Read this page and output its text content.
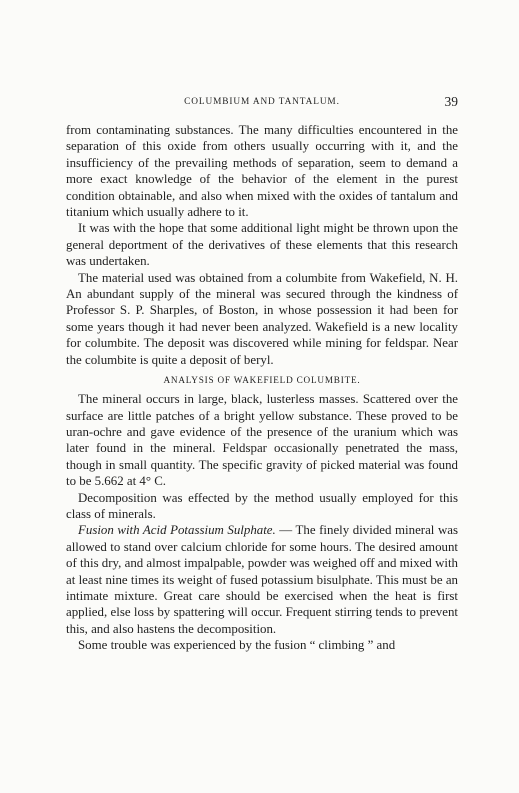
COLUMBIUM AND TANTALUM.	39

from contaminating substances. The many difficulties encountered in the separation of this oxide from others usually occurring with it, and the insufficiency of the prevailing methods of separation, seem to demand a more exact knowledge of the behavior of the element in the purest condition obtainable, and also when mixed with the oxides of tantalum and titanium which usually adhere to it.

It was with the hope that some additional light might be thrown upon the general deportment of the derivatives of these elements that this research was undertaken.

The material used was obtained from a columbite from Wakefield, N. H. An abundant supply of the mineral was secured through the kindness of Professor S. P. Sharples, of Boston, in whose possession it had been for some years though it had never been analyzed. Wakefield is a new locality for columbite. The deposit was discovered while mining for feldspar. Near the columbite is quite a deposit of beryl.

ANALYSIS OF WAKEFIELD COLUMBITE.

The mineral occurs in large, black, lusterless masses. Scattered over the surface are little patches of a bright yellow substance. These proved to be uran-ochre and gave evidence of the presence of the uranium which was later found in the mineral. Feldspar occasionally penetrated the mass, though in small quantity. The specific gravity of picked material was found to be 5.662 at 4° C.

Decomposition was effected by the method usually employed for this class of minerals.

Fusion with Acid Potassium Sulphate. — The finely divided mineral was allowed to stand over calcium chloride for some hours. The desired amount of this dry, and almost impalpable, powder was weighed off and mixed with at least nine times its weight of fused potassium bisulphate. This must be an intimate mixture. Great care should be exercised when the heat is first applied, else loss by spattering will occur. Frequent stirring tends to prevent this, and also hastens the decomposition.

Some trouble was experienced by the fusion “ climbing ” and
